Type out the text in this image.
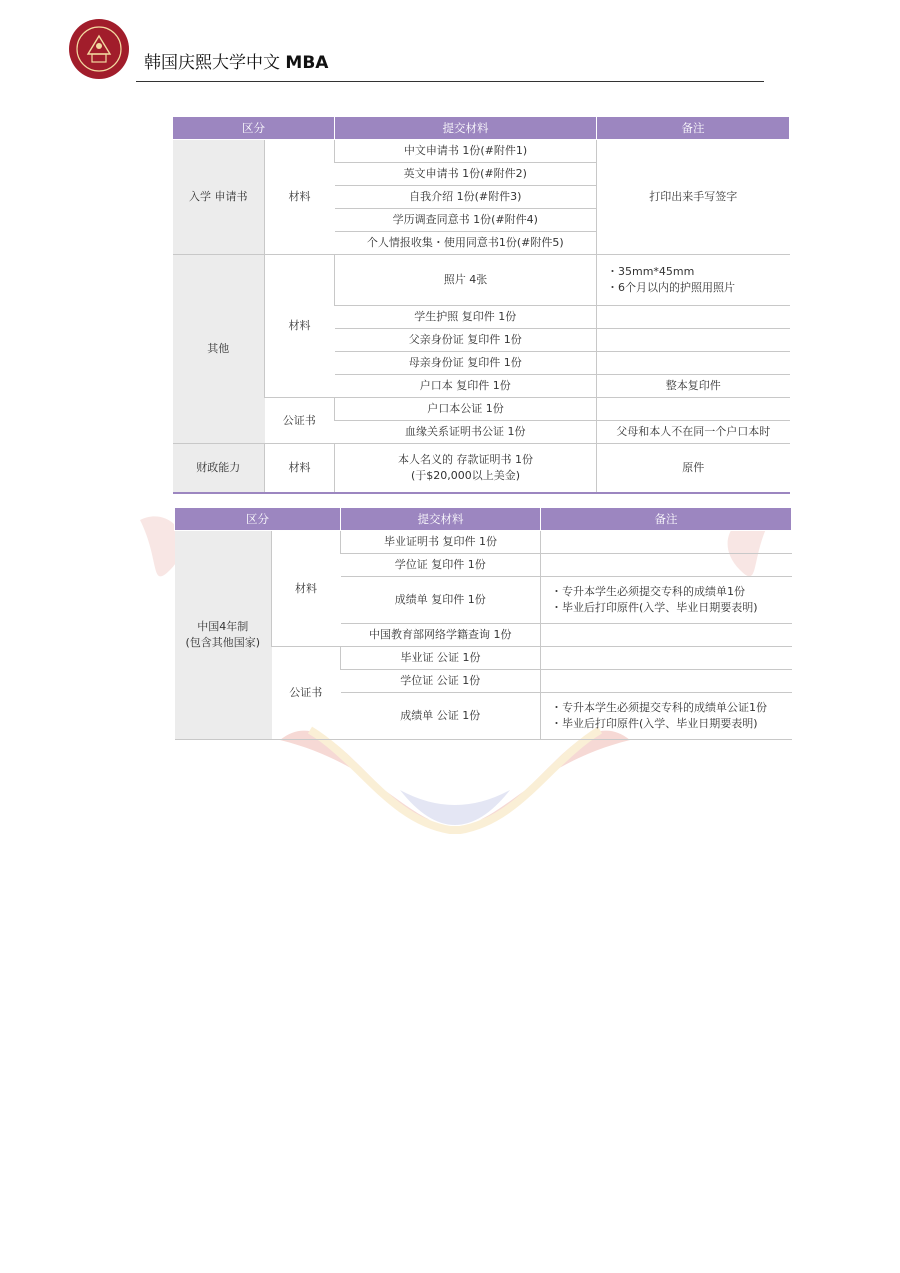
韩国庆熙大学中文 MBA
区分		提交材料	备注
入学 申请书	材料	中文申请书 1份(#附件1)	打印出来手写签字
		英文申请书 1份(#附件2)	
		自我介绍 1份(#附件3)	
		学历调查同意书 1份(#附件4)	
		个人情报收集・使用同意书1份(#附件5)	
其他	材料	照片 4张	・35mm*45mm
・6个月以内的护照用照片

		学生护照 复印件 1份	
		父亲身份证 复印件 1份	
		母亲身份证 复印件 1份	
		户口本 复印件 1份	整本复印件
	公证书	户口本公证 1份	
		血缘关系证明书公证 1份	父母和本人不在同一个户口本时
财政能力	材料	本人名义的 存款证明书 1份
(于$20,000以上美金)	原件
区分		提交材料	备注

中国4年制
(包含其他国家)	材料	毕业证明书 复印件 1份	
		学位证 复印件 1份	
		成绩单 复印件 1份	・专升本学生必须提交专科的成绩单1份
・毕业后打印原件(入学、毕业日期要表明)

		中国教育部网络学籍查询 1份	
	公证书	毕业证 公证 1份	
		学位证 公证 1份	
		成绩单 公证 1份	・专升本学生必须提交专科的成绩单公证1份
・毕业后打印原件(入学、毕业日期要表明)
